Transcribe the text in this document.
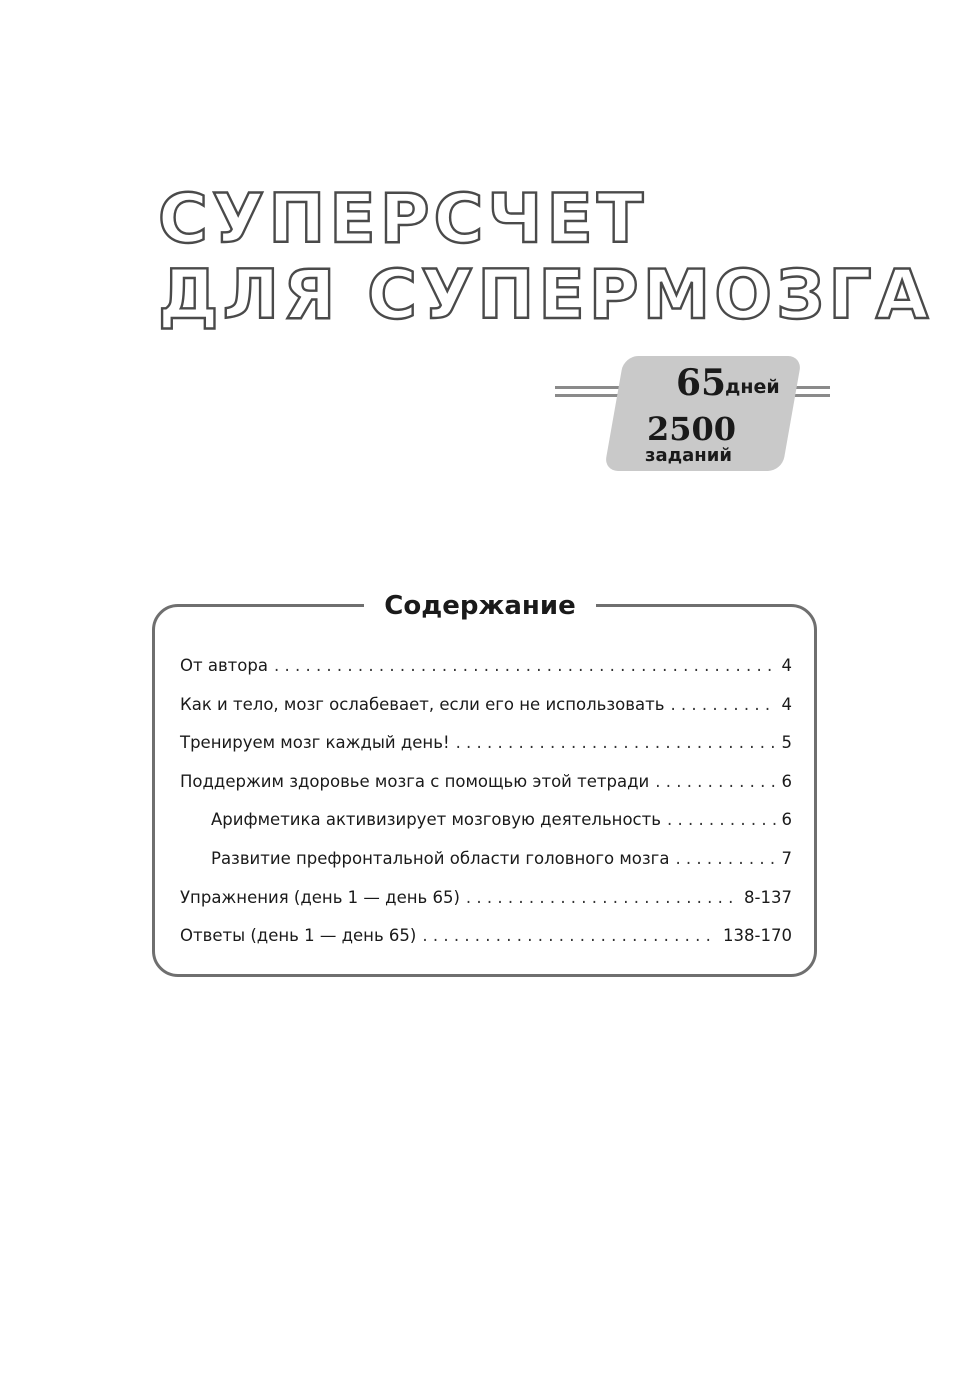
СУПЕРСЧЕТ
ДЛЯ СУПЕРМОЗГА
65
дней
2500
заданий
Содержание
От автора . . .	4
Как и тело, мозг ослабевает, если его не использовать . . .	4
Тренируем мозг каждый день! . . .	5
Поддержим здоровье мозга с помощью этой тетради . . .	6
Арифметика активизирует мозговую деятельность . . .	6
Развитие префронтальной области головного мозга . . .	7
Упражнения (день 1 — день 65) . . .	8-137
Ответы (день 1 — день 65) . . .	138-170
